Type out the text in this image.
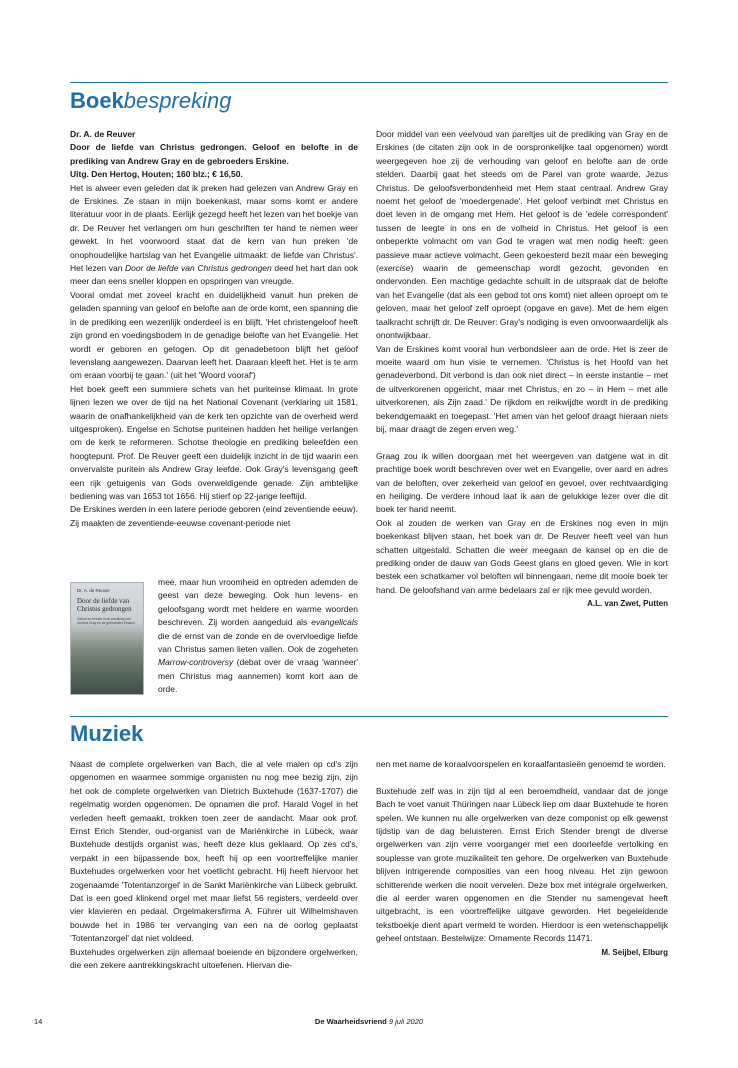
Boekbespreking

Dr. A. de Reuver

Door de liefde van Christus gedrongen. Geloof en belofte in de prediking van Andrew Gray en de gebroeders Erskine.

Uitg. Den Hertog, Houten; 160 blz.; € 16,50.

Het is alweer even geleden dat ik preken had gelezen van Andrew Gray en de Erskines. Ze staan in mijn boekenkast, maar soms komt er andere literatuur voor in de plaats. Eerlijk gezegd heeft het lezen van het boekje van dr. De Reuver het verlangen om hun geschriften ter hand te nemen weer gewekt. In het voorwoord staat dat de kern van hun preken 'de onophoudelijke hartslag van het Evangelie uitmaakt: de liefde van Christus'. Het lezen van Door de liefde van Christus gedrongen deed het hart dan ook meer dan eens sneller kloppen en opspringen van vreugde.

Vooral omdat met zoveel kracht en duidelijkheid vanuit hun preken de geladen spanning van geloof en belofte aan de orde komt, een spanning die in de prediking een wezenlijk onderdeel is en blijft. 'Het christengeloof heeft zijn grond en voedingsbodem in de genadige belofte van het Evangelie. Het wordt er geboren en getogen. Op dit genadebetoon blijft het geloof levenslang aangewezen. Daarvan leeft het. Daaraan kleeft het. Het is te arm om eraan voorbij te gaan.' (uit het 'Woord vooraf')

Het boek geeft een summiere schets van het puriteinse klimaat. In grote lijnen lezen we over de tijd na het National Covenant (verklaring uit 1581, waarin de onafhankelijkheid van de kerk ten opzichte van de overheid werd uitgesproken). Engelse en Schotse puriteinen hadden het heilige verlangen om de kerk te reformeren. Schotse theologie en prediking beleefden een hoogtepunt. Prof. De Reuver geeft een duidelijk inzicht in de tijd waarin een onvervalste puritein als Andrew Gray leefde. Ook Gray's levensgang geeft een rijk getuigenis van Gods overweldigende genade. Zijn ambtelijke bediening was van 1653 tot 1656. Hij stierf op 22-jarige leeftijd.

De Erskines werden in een latere periode geboren (eind zeventiende eeuw). Zij maakten de zeventiende-eeuwse covenant-periode niet

Dr. A. de Reuver
Door de liefde van Christus gedrongen
Geloof en belofte in de prediking van Andrew Gray en de gebroeders Erskine

mee, maar hun vroomheid en optreden ademden de geest van deze beweging. Ook hun levens- en geloofsgang wordt met heldere en warme woorden beschreven. Zij worden aangeduid als evangelicals die de ernst van de zonde en de overvloedige liefde van Christus samen lieten vallen. Ook de zogeheten Marrow-controversy (debat over de vraag 'wanneer' men Christus mag aannemen) komt kort aan de orde.

Door middel van een veelvoud van pareltjes uit de prediking van Gray en de Erskines (de citaten zijn ook in de oorspronkelijke taal opgenomen) wordt weergegeven hoe zij de verhouding van geloof en belofte aan de orde stelden. Daarbij gaat het steeds om de Parel van grote waarde, Jezus Christus. De geloofsverbondenheid met Hem staat centraal. Andrew Gray noemt het geloof de 'moedergenade'. Het geloof verbindt met Christus en doet leven in de omgang met Hem. Het geloof is de 'edele correspondent' tussen de leegte in ons en de volheid in Christus. Het geloof is een onbeperkte volmacht om van God te vragen wat men nodig heeft: geen passieve maar actieve volmacht. Geen gekoesterd bezit maar een beweging (exercise) waarin de gemeenschap wordt gezocht, gevonden en ondervonden. Een machtige gedachte schuilt in de uitspraak dat de belofte van het Evangelie (dat als een gebod tot ons komt) niet alleen oproept om te geloven, maar het geloof zelf oproept (opgave en gave). Met de hem eigen taalkracht schrijft dr. De Reuver: Gray's nodiging is even onvoorwaardelijk als onontwijkbaar.

Van de Erskines komt vooral hun verbondsleer aan de orde. Het is zeer de moeite waard om hun visie te vernemen. 'Christus is het Hoofd van het genadeverbond. Dit verbond is dan ook niet direct – in eerste instantie – met de uitverkorenen opgericht, maar met Christus, en zo – in Hem – met alle uitverkorenen, als Zijn zaad.' De rijkdom en reikwijdte wordt in de prediking bekendgemaakt en toegepast. 'Het amen van het geloof draagt hieraan niets bij, maar draagt de zegen erven weg.'

Graag zou ik willen doorgaan met het weergeven van datgene wat in dit prachtige boek wordt beschreven over wet en Evangelie, over aard en adres van de beloften, over zekerheid van geloof en gevoel, over rechtvaardiging en heiliging. De verdere inhoud laat ik aan de gelukkige lezer over die dit boek ter hand neemt.

Ook al zouden de werken van Gray en de Erskines nog even in mijn boekenkast blijven staan, het boek van dr. De Reuver heeft veel van hun schatten uitgestald. Schatten die weer meegaan de kansel op en die de prediking onder de dauw van Gods Geest glans en gloed geven. Wie in kort bestek een schatkamer vol beloften wil binnengaan, neme dit mooie boek ter hand. De geloofshand van arme bedelaars zal er rijk mee gevuld worden.

A.L. van Zwet, Putten

Muziek

Naast de complete orgelwerken van Bach, die al vele malen op cd's zijn opgenomen en waarmee sommige organisten nu nog mee bezig zijn, zijn het ook de complete orgelwerken van Dietrich Buxtehude (1637-1707) die regelmatig worden opgenomen. De opnamen die prof. Harald Vogel in het verleden heeft gemaakt, trokken toen zeer de aandacht. Maar ook prof. Ernst Erich Stender, oud-organist van de Mariënkirche in Lübeck, waar Buxtehude destijds organist was, heeft deze klus geklaard. Op zes cd's, verpakt in een bijpassende box, heeft hij op een voortreffelijke manier Buxtehudes orgelwerken voor het voetlicht gebracht. Hij heeft hiervoor het zogenaamde 'Totentanzorgel' in de Sankt Mariënkirche van Lübeck gebruikt. Dat is een goed klinkend orgel met maar liefst 56 registers, verdeeld over vier klavieren en pedaal. Orgelmakersfirma A. Führer uit Wilhelmshaven bouwde het in 1986 ter vervanging van een na de oorlog geplaatst 'Totentanzorgel' dat niet voldeed.

Buxtehudes orgelwerken zijn allemaal boeiende en bijzondere orgelwerken, die een zekere aantrekkingskracht uitoefenen. Hiervan die-

nen met name de koraalvoorspelen en koraalfantasieën genoemd te worden.

Buxtehude zelf was in zijn tijd al een beroemdheid, vandaar dat de jonge Bach te voet vanuit Thüringen naar Lübeck liep om daar Buxtehude te horen spelen. We kunnen nu alle orgelwerken van deze componist op elk gewenst tijdstip van de dag beluisteren. Ernst Erich Stender brengt de diverse orgelwerken van zijn verre voorganger met een doorleefde vertolking en souplesse van grote muzikaliteit ten gehore. De orgelwerken van Buxtehude blijven intrigerende composities van een hoog niveau. Het zijn gewoon schitterende werken die nooit vervelen. Deze box met integrale orgelwerken, die al eerder waren opgenomen en die Stender nu samengevat heeft uitgebracht, is een voortreffelijke uitgave geworden. Het begeleidende tekstboekje dient apart vermeld te worden. Hierdoor is een wetenschappelijk geheel ontstaan. Bestelwijze: Ornamente Records 11471.

M. Seijbel, Elburg

14	De Waarheidsvriend 9 juli 2020
